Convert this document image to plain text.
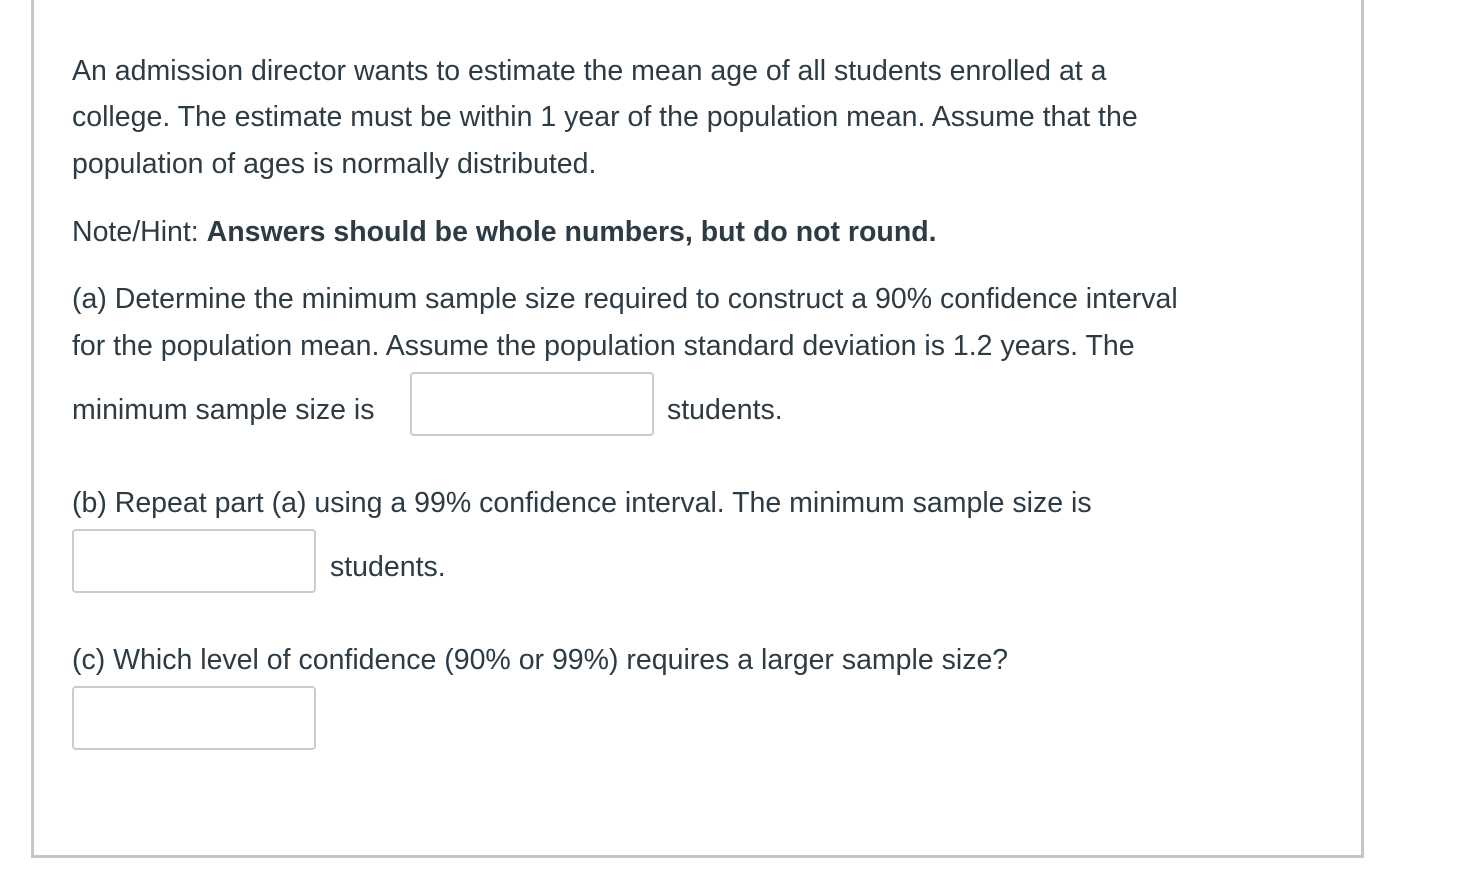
An admission director wants to estimate the mean age of all students enrolled at a

college. The estimate must be within 1 year of the population mean. Assume that the

population of ages is normally distributed.

Note/Hint: Answers should be whole numbers, but do not round.

(a) Determine the minimum sample size required to construct a 90% confidence interval

for the population mean. Assume the population standard deviation is 1.2 years. The

minimum sample size is	students.

(b) Repeat part (a) using a 99% confidence interval. The minimum sample size is

students.

(c) Which level of confidence (90% or 99%) requires a larger sample size?
